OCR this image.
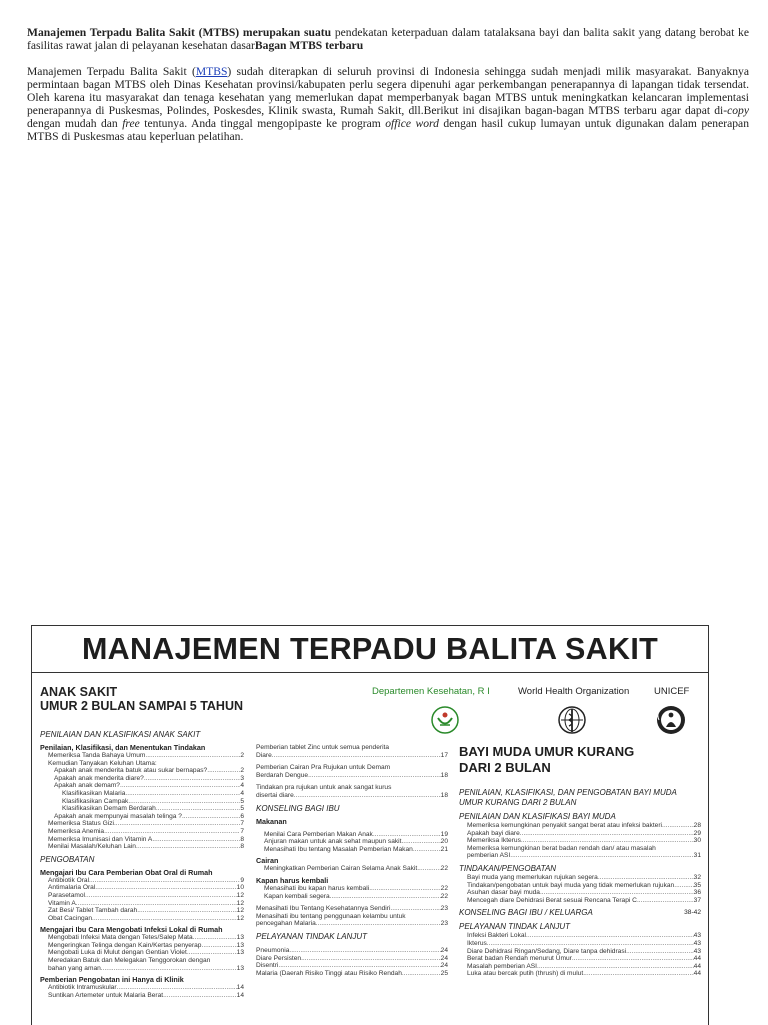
Manajemen Terpadu Balita Sakit (MTBS) merupakan suatu pendekatan keterpaduan dalam tatalaksana bayi dan balita sakit yang datang berobat ke fasilitas rawat jalan di pelayanan kesehatan dasarBagan MTBS terbaru

Manajemen Terpadu Balita Sakit (MTBS) sudah diterapkan di seluruh provinsi di Indonesia sehingga sudah menjadi milik masyarakat. Banyaknya permintaan bagan MTBS oleh Dinas Kesehatan provinsi/kabupaten perlu segera dipenuhi agar perkembangan penerapannya di lapangan tidak tersendat. Oleh karena itu masyarakat dan tenaga kesehatan yang memerlukan dapat memperbanyak bagan MTBS untuk meningkatkan kelancaran implementasi penerapannya di Puskesmas, Polindes, Poskesdes, Klinik swasta, Rumah Sakit, dll.Berikut ini disajikan bagan-bagan MTBS terbaru agar dapat di-copy dengan mudah dan free tentunya. Anda tinggal mengopipaste ke program office word dengan hasil cukup lumayan untuk digunakan dalam penerapan MTBS di Puskesmas atau keperluan pelatihan.

MANAJEMEN TERPADU BALITA SAKIT
ANAK SAKIT
UMUR 2 BULAN SAMPAI 5 TAHUN
Departemen Kesehatan, R I	World Health Organization	UNICEF
BAYI MUDA UMUR KURANG
DARI 2 BULAN
PENILAIAN DAN KLASIFIKASI ANAK SAKIT
Penilaian, Klasifikasi, dan Menentukan Tindakan
Memeriksa Tanda Bahaya Umum .....	2
Kemudian Tanyakan Keluhan Utama:
Apakah anak menderita batuk atau sukar bernapas? .....	2
Apakah anak menderita diare? .....	3
Apakah anak demam? .....	4
Klasifikasikan Malaria .....	4
Klasifikasikan Campak .....	5
Klasifikasikan Demam Berdarah .....	5
Apakah anak mempunyai masalah telinga ? .....	6
Memeriksa Status Gizi .....	7
Memeriksa Anemia .....	7
Memeriksa Imunisasi dan Vitamin A .....	8
Menilai Masalah/Keluhan Lain .....	8
PENGOBATAN
Mengajari Ibu Cara Pemberian Obat Oral di Rumah
Antibiotik Oral .....	9
Antimalaria Oral .....	10
Parasetamol .....	12
Vitamin A .....	12
Zat Besi/ Tablet Tambah darah .....	12
Obat Cacingan .....	12
Mengajari Ibu Cara Mengobati Infeksi Lokal di Rumah
Mengobati Infeksi Mata dengan Tetes/Salep Mata .....	13
Mengeringkan Telinga dengan Kain/Kertas penyerap .....	13
Mengobati Luka di Mulut dengan Gentian Violet .....	13
Meredakan Batuk dan Melegakan Tenggorokan dengan
bahan yang aman .....	13
Pemberian Pengobatan ini Hanya di Klinik
Antibiotik Intramuskular .....	14
Suntikan Artemeter untuk Malaria Berat .....	14
Pemberian tablet Zinc untuk semua penderita
Diare .....	17
Pemberian Cairan Pra Rujukan untuk Demam
Berdarah Dengue .....	18
Tindakan pra rujukan untuk anak sangat kurus
disertai diare .....	18
KONSELING BAGI IBU
Makanan
Menilai Cara Pemberian Makan Anak .....	19
Anjuran makan untuk anak sehat maupun sakit .....	20
Menasihati Ibu tentang Masalah Pemberian Makan .....	21
Cairan
Meningkatkan Pemberian Cairan Selama Anak Sakit .....	22
Kapan harus kembali
Menasihati ibu kapan harus kembali .....	22
Kapan kembali segera .....	22
Menasihati Ibu Tentang Kesehatannya Sendiri .....	23
Menasihati ibu tentang penggunaan kelambu untuk
pencegahan Malaria .....	23
PELAYANAN TINDAK LANJUT
Pneumonia .....	24
Diare Persisten .....	24
Disentri .....	24
Malaria (Daerah Risiko Tinggi atau Risiko Rendah .....	25
PENILAIAN, KLASIFIKASI, DAN PENGOBATAN BAYI MUDA UMUR KURANG DARI 2 BULAN
PENILAIAN DAN KLASIFIKASI BAYI MUDA
Memeriksa kemungkinan penyakit sangat berat atau infeksi bakteri .....	28
Apakah bayi diare .....	29
Memeriksa Ikterus .....	30
Memeriksa kemungkinan berat badan rendah dan/ atau masalah
pemberian ASI .....	31
TINDAKAN/PENGOBATAN
Bayi muda yang memerlukan rujukan segera .....	32
Tindakan/pengobatan untuk bayi muda yang tidak memerlukan rujukan .....	35
Asuhan dasar bayi muda .....	36
Mencegah diare Dehidrasi Berat sesuai Rencana Terapi C .....	37
KONSELING BAGI IBU / KELUARGA	38-42
PELAYANAN TINDAK LANJUT
Infeksi Bakteri Lokal .....	43
Ikterus .....	43
Diare Dehidrasi Ringan/Sedang, Diare tanpa dehidrasi .....	43
Berat badan Rendah menurut Umur .....	44
Masalah pemberian ASI .....	44
Luka atau bercak putih (thrush) di mulut .....	44
